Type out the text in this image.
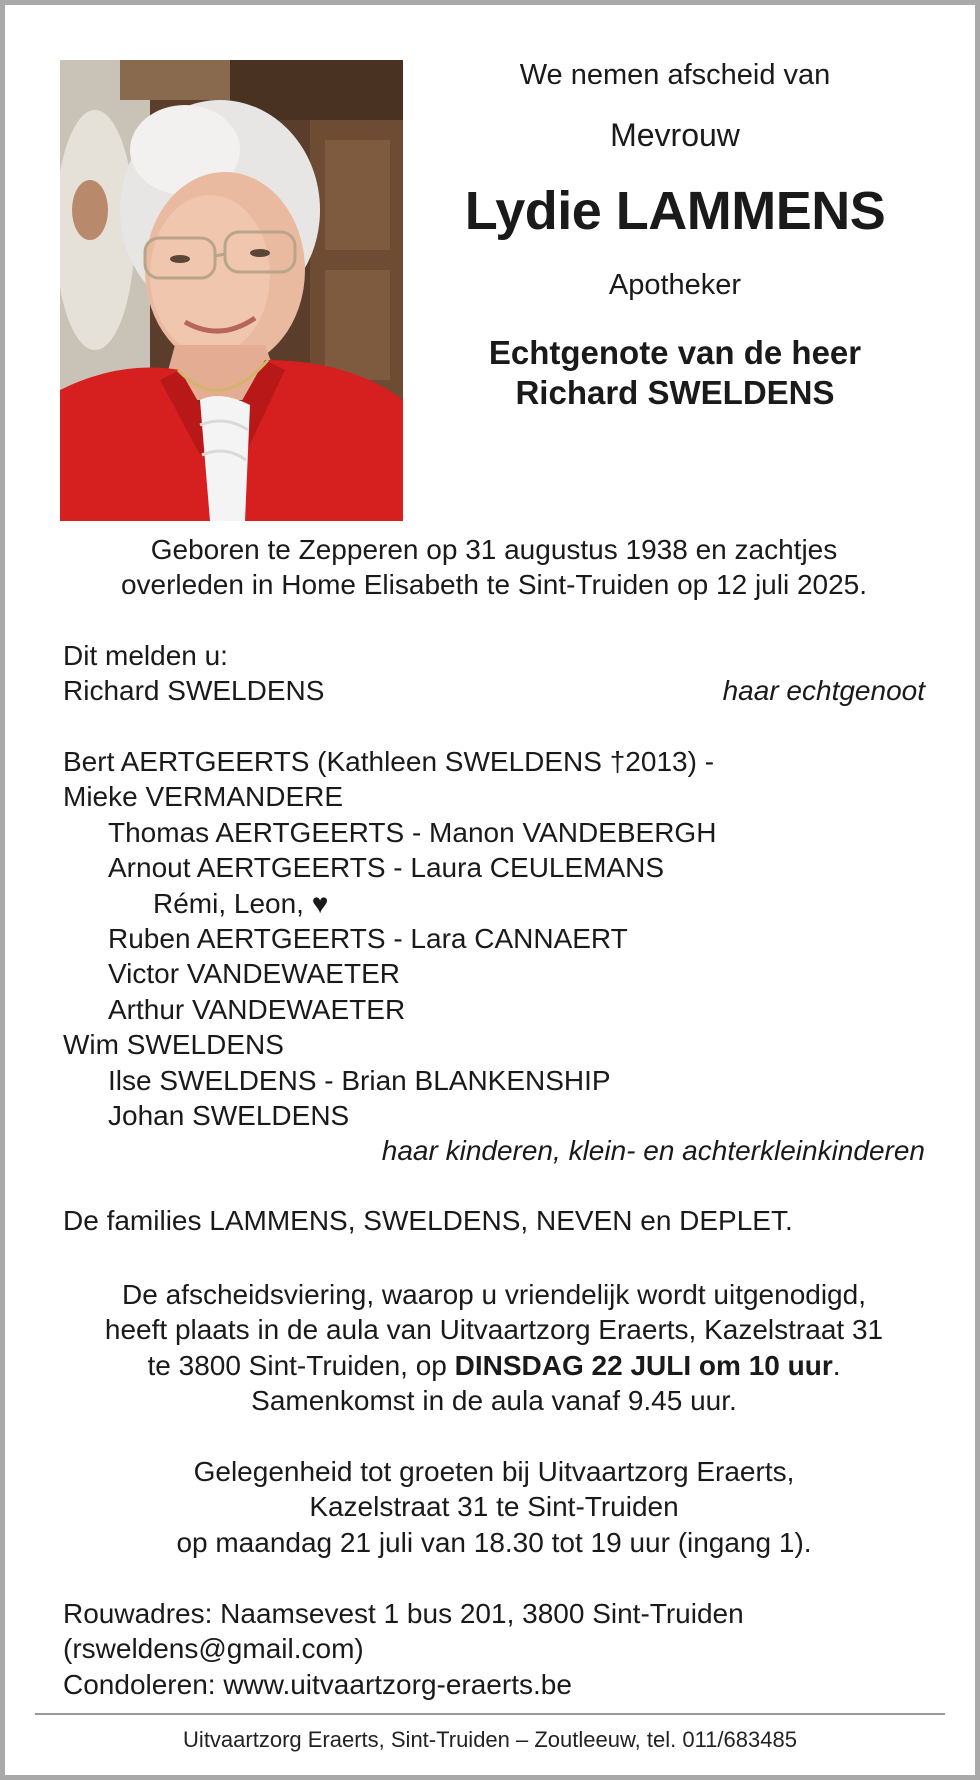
We nemen afscheid van
Mevrouw
Lydie LAMMENS
Apotheker
Echtgenote van de heer
Richard SWELDENS
Geboren te Zepperen op 31 augustus 1938 en zachtjes
overleden in Home Elisabeth te Sint-Truiden op 12 juli 2025.
Dit melden u:
Richard SWELDENS	haar echtgenoot
Bert AERTGEERTS (Kathleen SWELDENS †2013) -
Mieke VERMANDERE
Thomas AERTGEERTS - Manon VANDEBERGH
Arnout AERTGEERTS - Laura CEULEMANS
Rémi, Leon, ♥
Ruben AERTGEERTS - Lara CANNAERT
Victor VANDEWAETER
Arthur VANDEWAETER
Wim SWELDENS
Ilse SWELDENS - Brian BLANKENSHIP
Johan SWELDENS
haar kinderen, klein- en achterkleinkinderen
De families LAMMENS, SWELDENS, NEVEN en DEPLET.
De afscheidsviering, waarop u vriendelijk wordt uitgenodigd,
heeft plaats in de aula van Uitvaartzorg Eraerts, Kazelstraat 31
te 3800 Sint-Truiden, op DINSDAG 22 JULI om 10 uur.
Samenkomst in de aula vanaf 9.45 uur.
Gelegenheid tot groeten bij Uitvaartzorg Eraerts,
Kazelstraat 31 te Sint-Truiden
op maandag 21 juli van 18.30 tot 19 uur (ingang 1).
Rouwadres: Naamsevest 1 bus 201, 3800 Sint-Truiden
(rsweldens@gmail.com)
Condoleren: www.uitvaartzorg-eraerts.be
Uitvaartzorg Eraerts, Sint-Truiden – Zoutleeuw, tel. 011/683485
